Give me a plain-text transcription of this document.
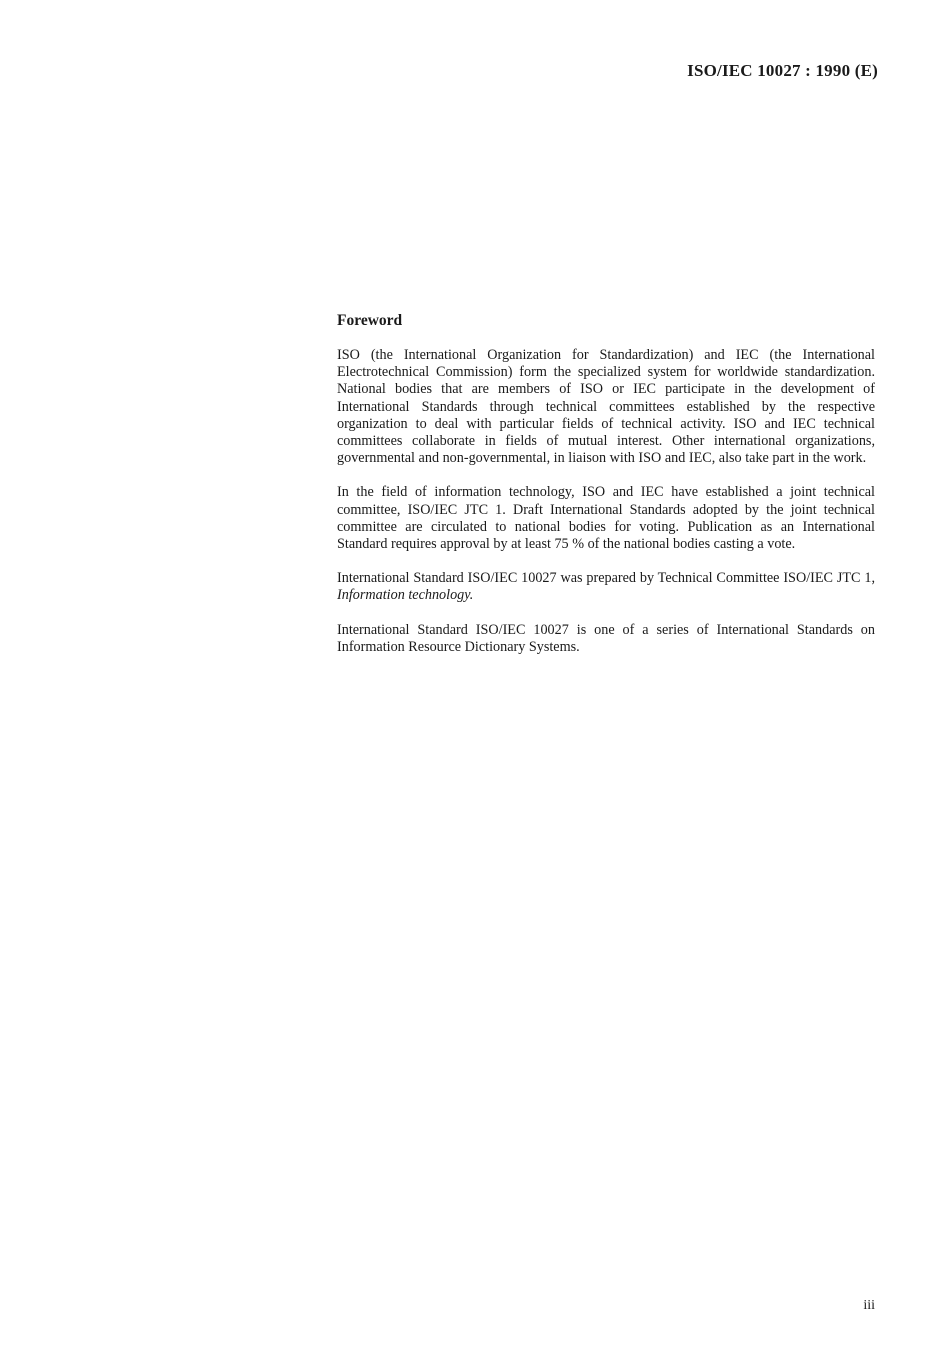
ISO/IEC 10027 : 1990 (E)
Foreword

ISO (the International Organization for Standardization) and IEC (the International Electrotechnical Commission) form the specialized system for worldwide standardization. National bodies that are members of ISO or IEC participate in the development of International Standards through technical committees established by the respective organization to deal with particular fields of technical activity. ISO and IEC technical committees collaborate in fields of mutual interest. Other international organizations, governmental and non-governmental, in liaison with ISO and IEC, also take part in the work.

In the field of information technology, ISO and IEC have established a joint technical committee, ISO/IEC JTC 1. Draft International Standards adopted by the joint technical committee are circulated to national bodies for voting. Publication as an International Standard requires approval by at least 75 % of the national bodies casting a vote.

International Standard ISO/IEC 10027 was prepared by Technical Committee ISO/IEC JTC 1, Information technology.

International Standard ISO/IEC 10027 is one of a series of International Standards on Information Resource Dictionary Systems.

iii
